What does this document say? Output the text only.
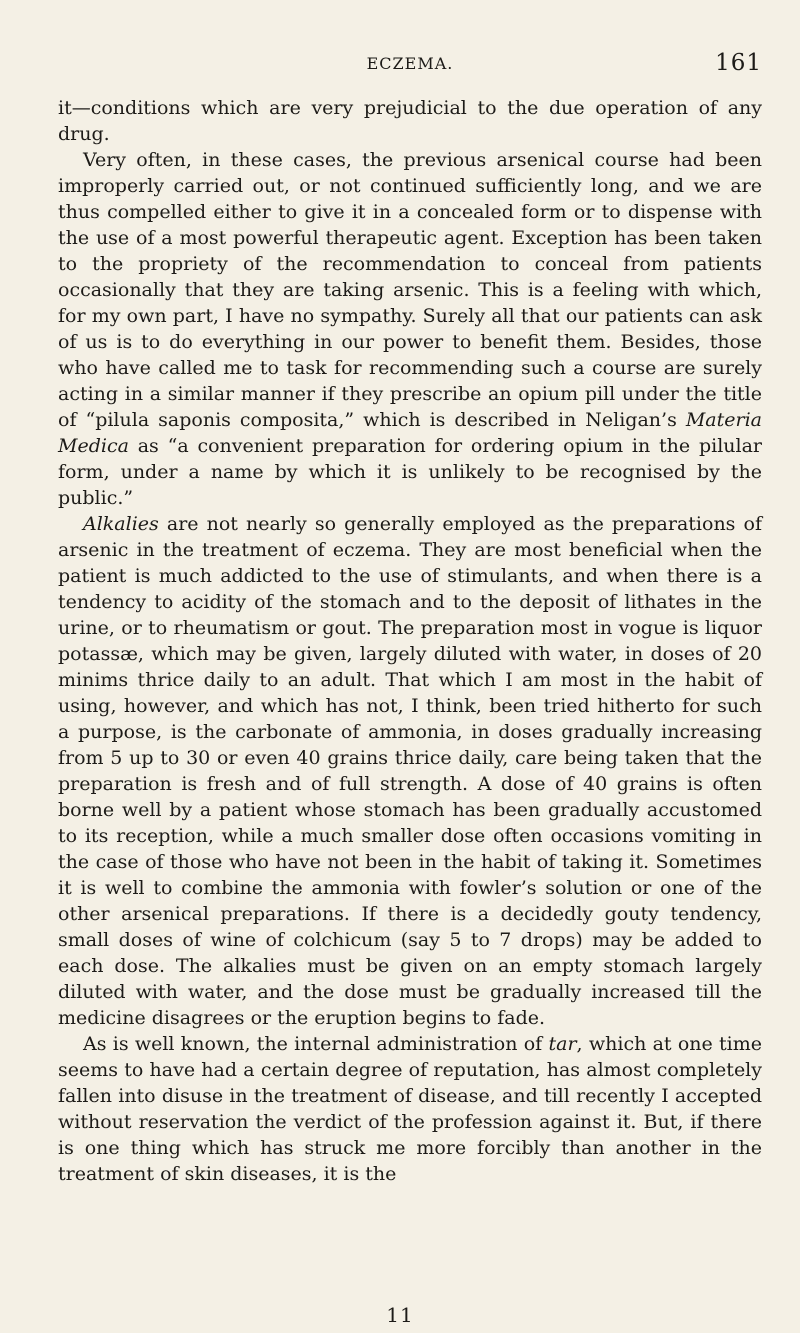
ECZEMA.	161

it—conditions which are very prejudicial to the due operation of any drug.

Very often, in these cases, the previous arsenical course had been improperly carried out, or not continued sufficiently long, and we are thus compelled either to give it in a concealed form or to dispense with the use of a most powerful therapeutic agent. Exception has been taken to the propriety of the recommendation to conceal from patients occasionally that they are taking arsenic. This is a feeling with which, for my own part, I have no sympathy. Surely all that our patients can ask of us is to do everything in our power to benefit them. Besides, those who have called me to task for recommending such a course are surely acting in a similar manner if they prescribe an opium pill under the title of “pilula saponis composita,” which is described in Neligan’s Materia Medica as “a convenient preparation for ordering opium in the pilular form, under a name by which it is unlikely to be recognised by the public.”

Alkalies are not nearly so generally employed as the preparations of arsenic in the treatment of eczema. They are most beneficial when the patient is much addicted to the use of stimulants, and when there is a tendency to acidity of the stomach and to the deposit of lithates in the urine, or to rheumatism or gout. The preparation most in vogue is liquor potassæ, which may be given, largely diluted with water, in doses of 20 minims thrice daily to an adult. That which I am most in the habit of using, however, and which has not, I think, been tried hitherto for such a purpose, is the carbonate of ammonia, in doses gradually increasing from 5 up to 30 or even 40 grains thrice daily, care being taken that the preparation is fresh and of full strength. A dose of 40 grains is often borne well by a patient whose stomach has been gradually accustomed to its reception, while a much smaller dose often occasions vomiting in the case of those who have not been in the habit of taking it. Sometimes it is well to combine the ammonia with fowler’s solution or one of the other arsenical preparations. If there is a decidedly gouty tendency, small doses of wine of colchicum (say 5 to 7 drops) may be added to each dose. The alkalies must be given on an empty stomach largely diluted with water, and the dose must be gradually increased till the medicine disagrees or the eruption begins to fade.

As is well known, the internal administration of tar, which at one time seems to have had a certain degree of reputation, has almost completely fallen into disuse in the treatment of disease, and till recently I accepted without reservation the verdict of the profession against it. But, if there is one thing which has struck me more forcibly than another in the treatment of skin diseases, it is the

11
